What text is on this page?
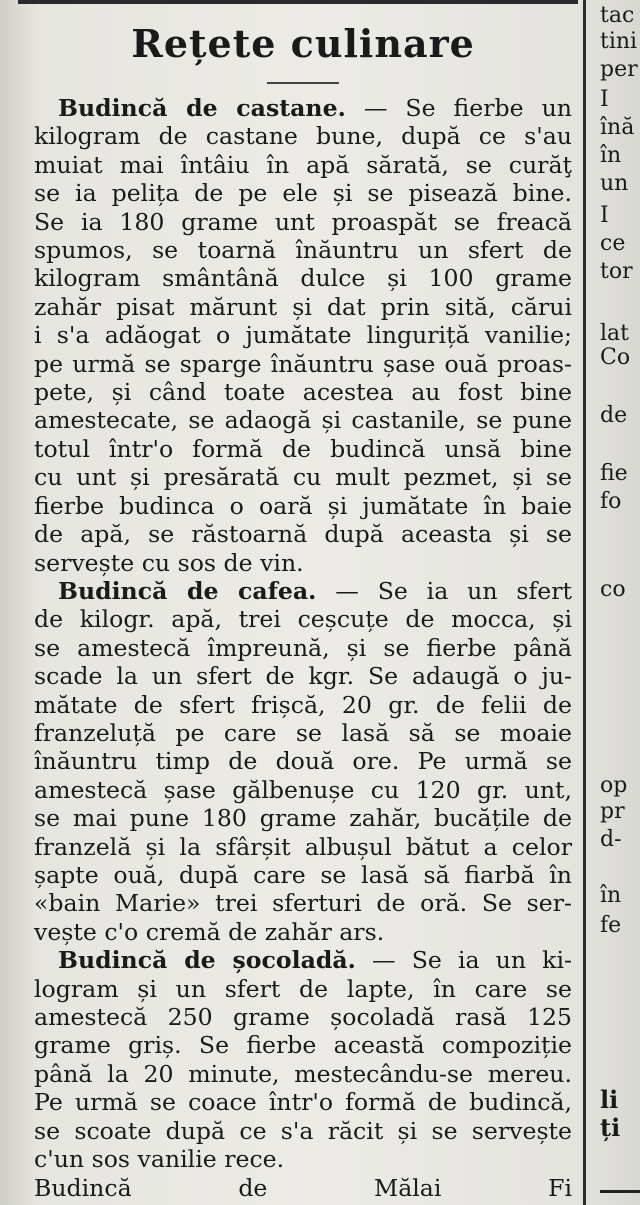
Rețete culinare
Budincă de castane. — Se fierbe un
kilogram de castane bune, după ce s'au
muiat mai întâiu în apă sărată, se curăţ
se ia pelița de pe ele și se pisează bine.
Se ia 180 grame unt proaspăt se freacă
spumos, se toarnă înăuntru un sfert de
kilogram smântână dulce și 100 grame
zahăr pisat mărunt și dat prin sită, cărui
i s'a adăogat o jumătate linguriță vanilie;
pe urmă se sparge înăuntru șase ouă proas-
pete, și când toate acestea au fost bine
amestecate, se adaogă și castanile, se pune
totul într'o formă de budincă unsă bine
cu unt și presărată cu mult pezmet, și se
fierbe budinca o oară și jumătate în baie
de apă, se răstoarnă după aceasta și se
servește cu sos de vin.
Budincă de cafea. — Se ia un sfert
de kilogr. apă, trei ceșcuțe de mocca, și
se amestecă împreună, și se fierbe până
scade la un sfert de kgr. Se adaugă o ju-
mătate de sfert frișcă, 20 gr. de felii de
franzeluță pe care se lasă să se moaie
înăuntru timp de două ore. Pe urmă se
amestecă șase gălbenușe cu 120 gr. unt,
se mai pune 180 grame zahăr, bucățile de
franzelă și la sfârșit albușul bătut a celor
șapte ouă, după care se lasă să fiarbă în
«bain Marie» trei sferturi de oră. Se ser-
vește c'o cremă de zahăr ars.
Budincă de șocoladă. — Se ia un ki-
logram și un sfert de lapte, în care se
amestecă 250 grame șocoladă rasă 125
grame griș. Se fierbe această compoziție
până la 20 minute, mestecându-se mereu.
Pe urmă se coace într'o formă de budincă,
se scoate după ce s'a răcit și se servește
c'un sos vanilie rece.
Budincă de Mălai Fi
tac
tini
per
I
înă
în
un
I
ce
tor
lat
Co
de
fie
fo
co
op
pr
d-
în
fe
li
ți
